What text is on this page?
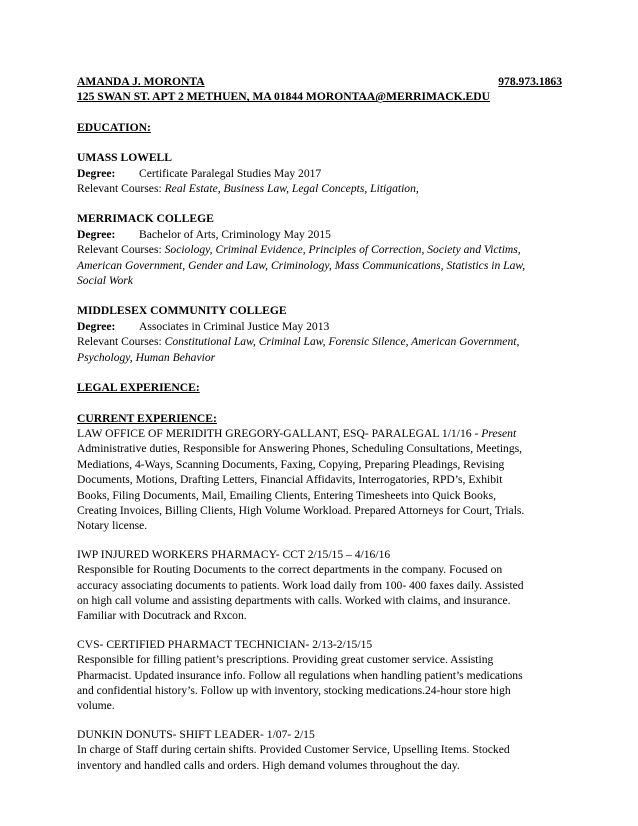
AMANDA J. MORONTA	978.973.1863
125 SWAN ST. APT 2 METHUEN, MA 01844 MORONTAA@MERRIMACK.EDU
EDUCATION:
UMASS LOWELL
Degree: Certificate Paralegal Studies May 2017
Relevant Courses: Real Estate, Business Law, Legal Concepts, Litigation,
MERRIMACK COLLEGE
Degree: Bachelor of Arts, Criminology May 2015
Relevant Courses: Sociology, Criminal Evidence, Principles of Correction, Society and Victims,
American Government, Gender and Law, Criminology, Mass Communications, Statistics in Law,
Social Work
MIDDLESEX COMMUNITY COLLEGE
Degree: Associates in Criminal Justice May 2013
Relevant Courses: Constitutional Law, Criminal Law, Forensic Silence, American Government,
Psychology, Human Behavior
LEGAL EXPERIENCE:
CURRENT EXPERIENCE:
LAW OFFICE OF MERIDITH GREGORY-GALLANT, ESQ- PARALEGAL 1/1/16 - Present
Administrative duties, Responsible for Answering Phones, Scheduling Consultations, Meetings,
Mediations, 4-Ways, Scanning Documents, Faxing, Copying, Preparing Pleadings, Revising
Documents, Motions, Drafting Letters, Financial Affidavits, Interrogatories, RPD’s, Exhibit
Books, Filing Documents, Mail, Emailing Clients, Entering Timesheets into Quick Books,
Creating Invoices, Billing Clients, High Volume Workload. Prepared Attorneys for Court, Trials.
Notary license.
IWP INJURED WORKERS PHARMACY- CCT 2/15/15 – 4/16/16
Responsible for Routing Documents to the correct departments in the company. Focused on
accuracy associating documents to patients. Work load daily from 100- 400 faxes daily. Assisted
on high call volume and assisting departments with calls. Worked with claims, and insurance.
Familiar with Docutrack and Rxcon.
CVS- CERTIFIED PHARMACT TECHNICIAN- 2/13-2/15/15
Responsible for filling patient’s prescriptions. Providing great customer service. Assisting
Pharmacist. Updated insurance info. Follow all regulations when handling patient’s medications
and confidential history’s. Follow up with inventory, stocking medications.24-hour store high
volume.
DUNKIN DONUTS- SHIFT LEADER- 1/07- 2/15
In charge of Staff during certain shifts. Provided Customer Service, Upselling Items. Stocked
inventory and handled calls and orders. High demand volumes throughout the day.
